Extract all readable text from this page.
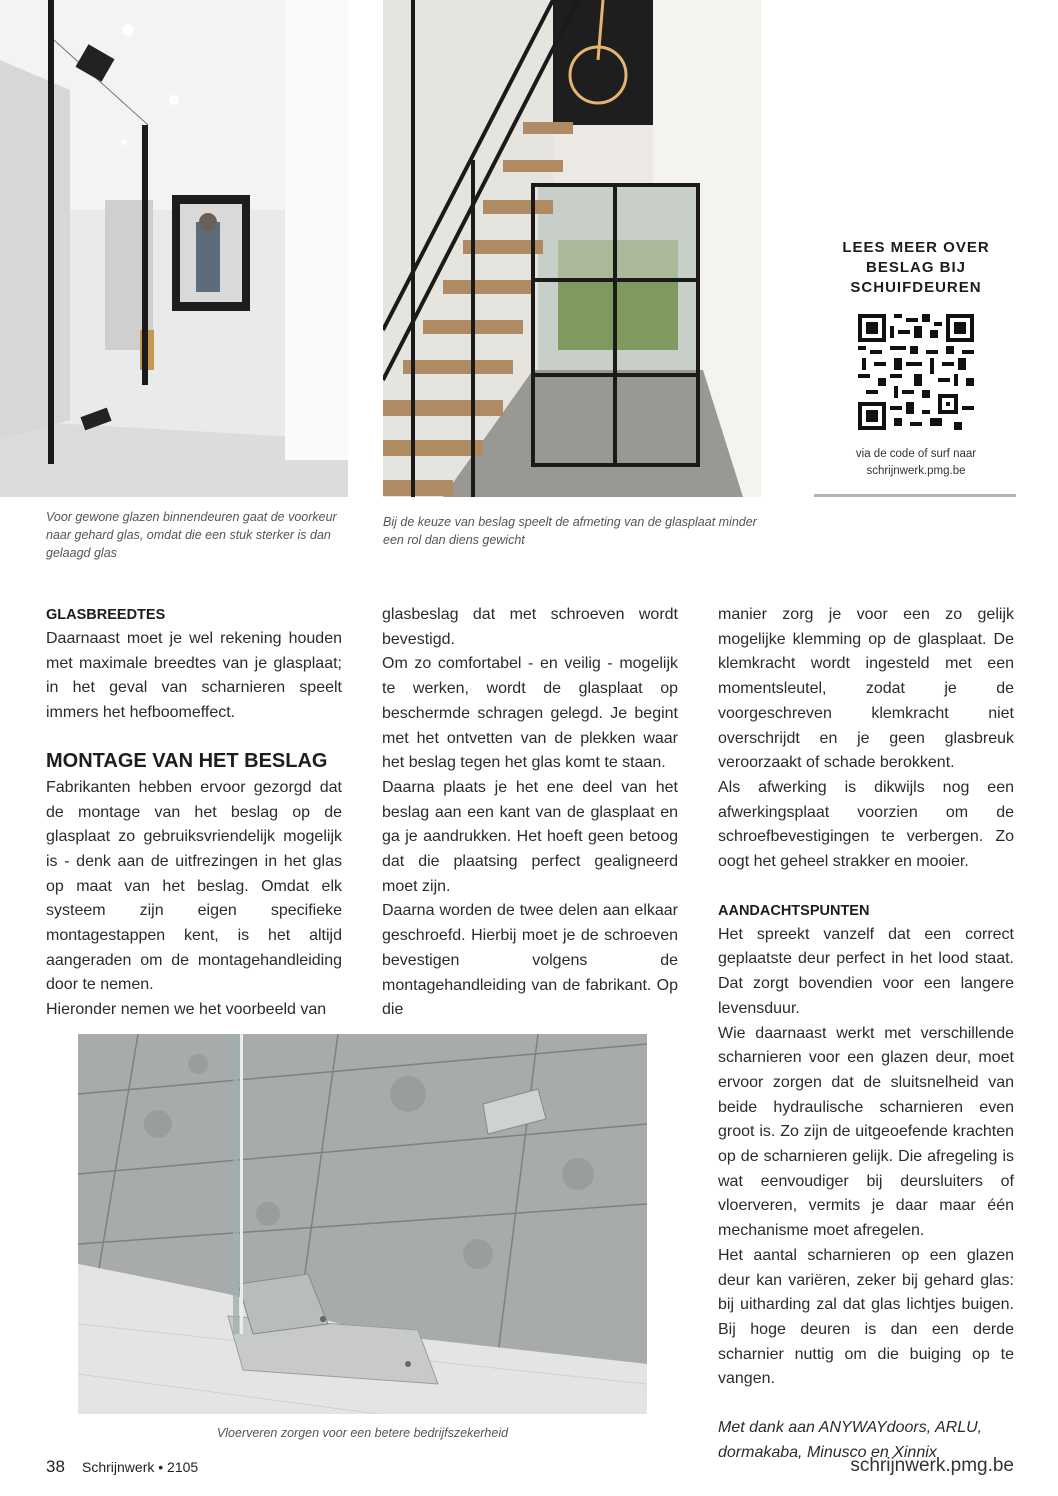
Voor gewone glazen binnendeuren gaat de voorkeur naar gehard glas, omdat die een stuk sterker is dan gelaagd glas
Bij de keuze van beslag speelt de afmeting van de glasplaat minder een rol dan diens gewicht
LEES MEER OVER
BESLAG BIJ
SCHUIFDEUREN
via de code of surf naar
schrijnwerk.pmg.be

GLASBREEDTES

Daarnaast moet je wel rekening houden met maximale breedtes van je glasplaat; in het geval van scharnieren speelt immers het hefboomeffect.

MONTAGE VAN HET BESLAG

Fabrikanten hebben ervoor gezorgd dat de montage van het beslag op de glasplaat zo gebruiksvriendelijk mogelijk is - denk aan de uitfrezingen in het glas op maat van het beslag. Omdat elk systeem zijn eigen specifieke montagestappen kent, is het altijd aangeraden om de montagehandleiding door te nemen.

Hieronder nemen we het voorbeeld van

glasbeslag dat met schroeven wordt bevestigd.

Om zo comfortabel - en veilig - mogelijk te werken, wordt de glasplaat op beschermde schragen gelegd. Je begint met het ontvetten van de plekken waar het beslag tegen het glas komt te staan.

Daarna plaats je het ene deel van het beslag aan een kant van de glasplaat en ga je aandrukken. Het hoeft geen betoog dat die plaatsing perfect gealigneerd moet zijn.

Daarna worden de twee delen aan elkaar geschroefd. Hierbij moet je de schroeven bevestigen volgens de montagehandleiding van de fabrikant. Op die

manier zorg je voor een zo gelijk mogelijke klemming op de glasplaat. De klemkracht wordt ingesteld met een momentsleutel, zodat je de voorgeschreven klemkracht niet overschrijdt en je geen glasbreuk veroorzaakt of schade berokkent.

Als afwerking is dikwijls nog een afwerkingsplaat voorzien om de schroefbevestigingen te verbergen. Zo oogt het geheel strakker en mooier.

AANDACHTSPUNTEN

Het spreekt vanzelf dat een correct geplaatste deur perfect in het lood staat. Dat zorgt bovendien voor een langere levensduur.

Wie daarnaast werkt met verschillende scharnieren voor een glazen deur, moet ervoor zorgen dat de sluitsnelheid van beide hydraulische scharnieren even groot is. Zo zijn de uitgeoefende krachten op de scharnieren gelijk. Die afregeling is wat eenvoudiger bij deursluiters of vloerveren, vermits je daar maar één mechanisme moet afregelen.

Het aantal scharnieren op een glazen deur kan variëren, zeker bij gehard glas: bij uitharding zal dat glas lichtjes buigen. Bij hoge deuren is dan een derde scharnier nuttig om die buiging op te vangen.

Met dank aan ANYWAYdoors, ARLU, dormakaba, Minusco en Xinnix

Vloerveren zorgen voor een betere bedrijfszekerheid
38 Schrijnwerk • 2105	schrijnwerk.pmg.be
